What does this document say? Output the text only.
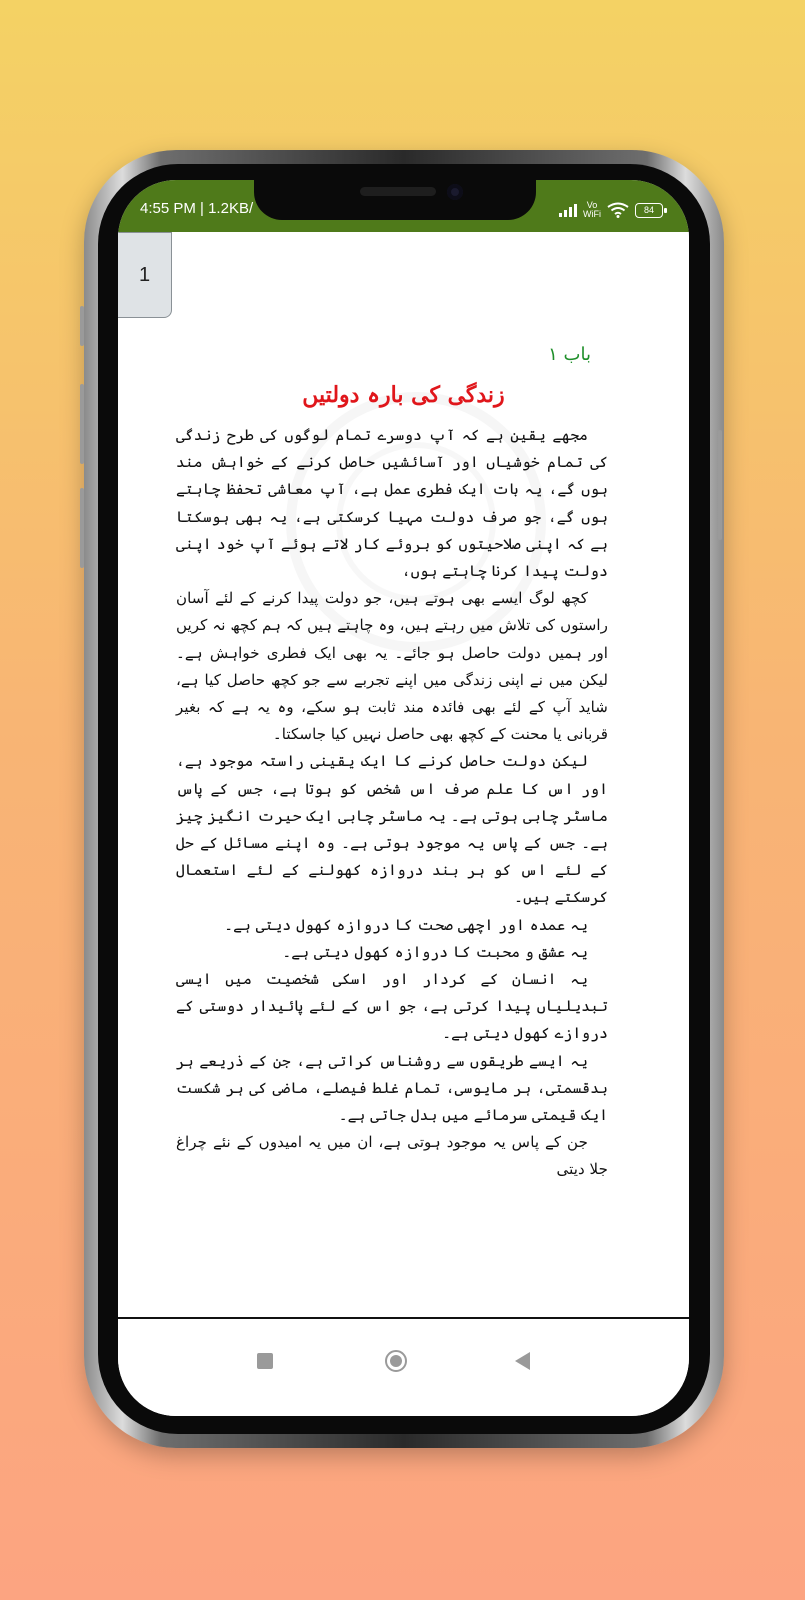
4:55 PM | 1.2KB/	Vo
WiFi	84
باب ۱
زندگی کی بارہ دولتیں

مجھے یقین ہے کہ آپ دوسرے تمام لوگوں کی طرح زندگی کی تمام خوشیاں اور آسائشیں حاصل کرنے کے خواہش مند ہوں گے، یہ بات ایک فطری عمل ہے، آپ معاشی تحفظ چاہتے ہوں گے، جو صرف دولت مہیا کرسکتی ہے، یہ بھی ہوسکتا ہے کہ اپنی صلاحیتوں کو بروئے کار لاتے ہوئے آپ خود اپنی دولت پیدا کرنا چاہتے ہوں،

کچھ لوگ ایسے بھی ہوتے ہیں، جو دولت پیدا کرنے کے لئے آسان راستوں کی تلاش میں رہتے ہیں، وہ چاہتے ہیں کہ ہم کچھ نہ کریں اور ہمیں دولت حاصل ہو جائے۔ یہ بھی ایک فطری خواہش ہے۔ لیکن میں نے اپنی زندگی میں اپنے تجربے سے جو کچھ حاصل کیا ہے، شاید آپ کے لئے بھی فائدہ مند ثابت ہو سکے، وہ یہ ہے کہ بغیر قربانی یا محنت کے کچھ بھی حاصل نہیں کیا جاسکتا۔

لیکن دولت حاصل کرنے کا ایک یقینی راستہ موجود ہے، اور اس کا علم صرف اس شخص کو ہوتا ہے، جس کے پاس ماسٹر چابی ہوتی ہے۔ یہ ماسٹر چابی ایک حیرت انگیز چیز ہے۔ جس کے پاس یہ موجود ہوتی ہے۔ وہ اپنے مسائل کے حل کے لئے اس کو ہر بند دروازہ کھولنے کے لئے استعمال کرسکتے ہیں۔

یہ عمدہ اور اچھی صحت کا دروازہ کھول دیتی ہے۔

یہ عشق و محبت کا دروازہ کھول دیتی ہے۔

یہ انسان کے کردار اور اسکی شخصیت میں ایسی تبدیلیاں پیدا کرتی ہے، جو اس کے لئے پائیدار دوستی کے دروازے کھول دیتی ہے۔

یہ ایسے طریقوں سے روشناس کراتی ہے، جن کے ذریعے ہر بدقسمتی، ہر مایوسی، تمام غلط فیصلے، ماضی کی ہر شکست ایک قیمتی سرمائے میں بدل جاتی ہے۔

جن کے پاس یہ موجود ہوتی ہے، ان میں یہ امیدوں کے نئے چراغ جلا دیتی

1
